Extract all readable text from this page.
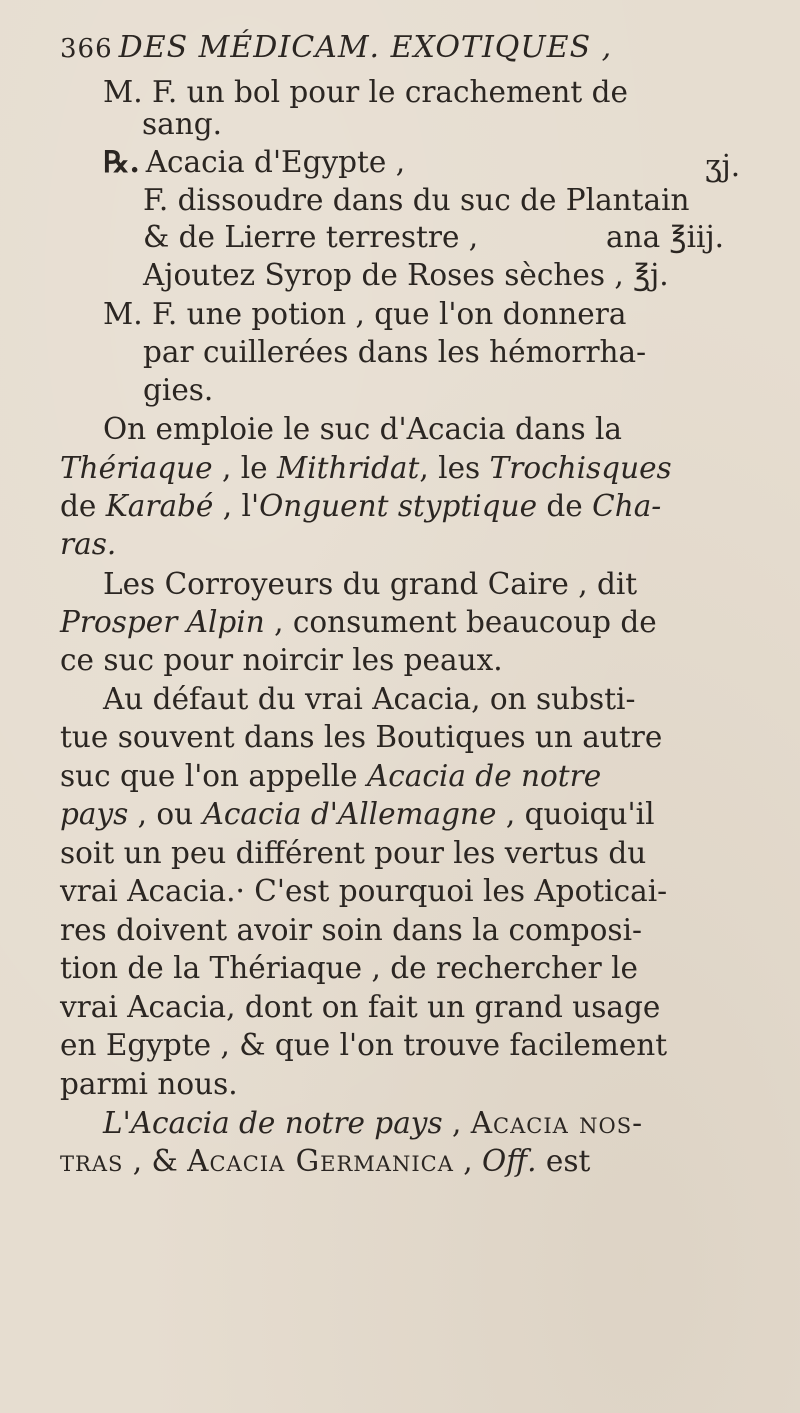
366 DES MÉDICAM. EXOTIQUES ,
M. F. un bol pour le crachement de
sang.
℞. Acacia d'Egypte ,	ʒj.
F. dissoudre dans du suc de Plantain
& de Lierre terrestre ,	ana ℥iij.
Ajoutez Syrop de Roses sèches , ℥j.
M. F. une potion , que l'on donnera
par cuillerées dans les hémorrha-
gies.
On emploie le suc d'Acacia dans la
Thériaque , le Mithridat, les Trochisques
de Karabé , l'Onguent styptique de Cha-
ras.
Les Corroyeurs du grand Caire , dit
Prosper Alpin , consument beaucoup de
ce suc pour noircir les peaux.
Au défaut du vrai Acacia, on substi-
tue souvent dans les Boutiques un autre
suc que l'on appelle Acacia de notre
pays , ou Acacia d'Allemagne , quoiqu'il
soit un peu différent pour les vertus du
vrai Acacia.· C'est pourquoi les Apoticai-
res doivent avoir soin dans la composi-
tion de la Thériaque , de rechercher le
vrai Acacia, dont on fait un grand usage
en Egypte , & que l'on trouve facilement
parmi nous.
L'Acacia de notre pays , Acacia nos-
tras , & Acacia Germanica , Off. est
